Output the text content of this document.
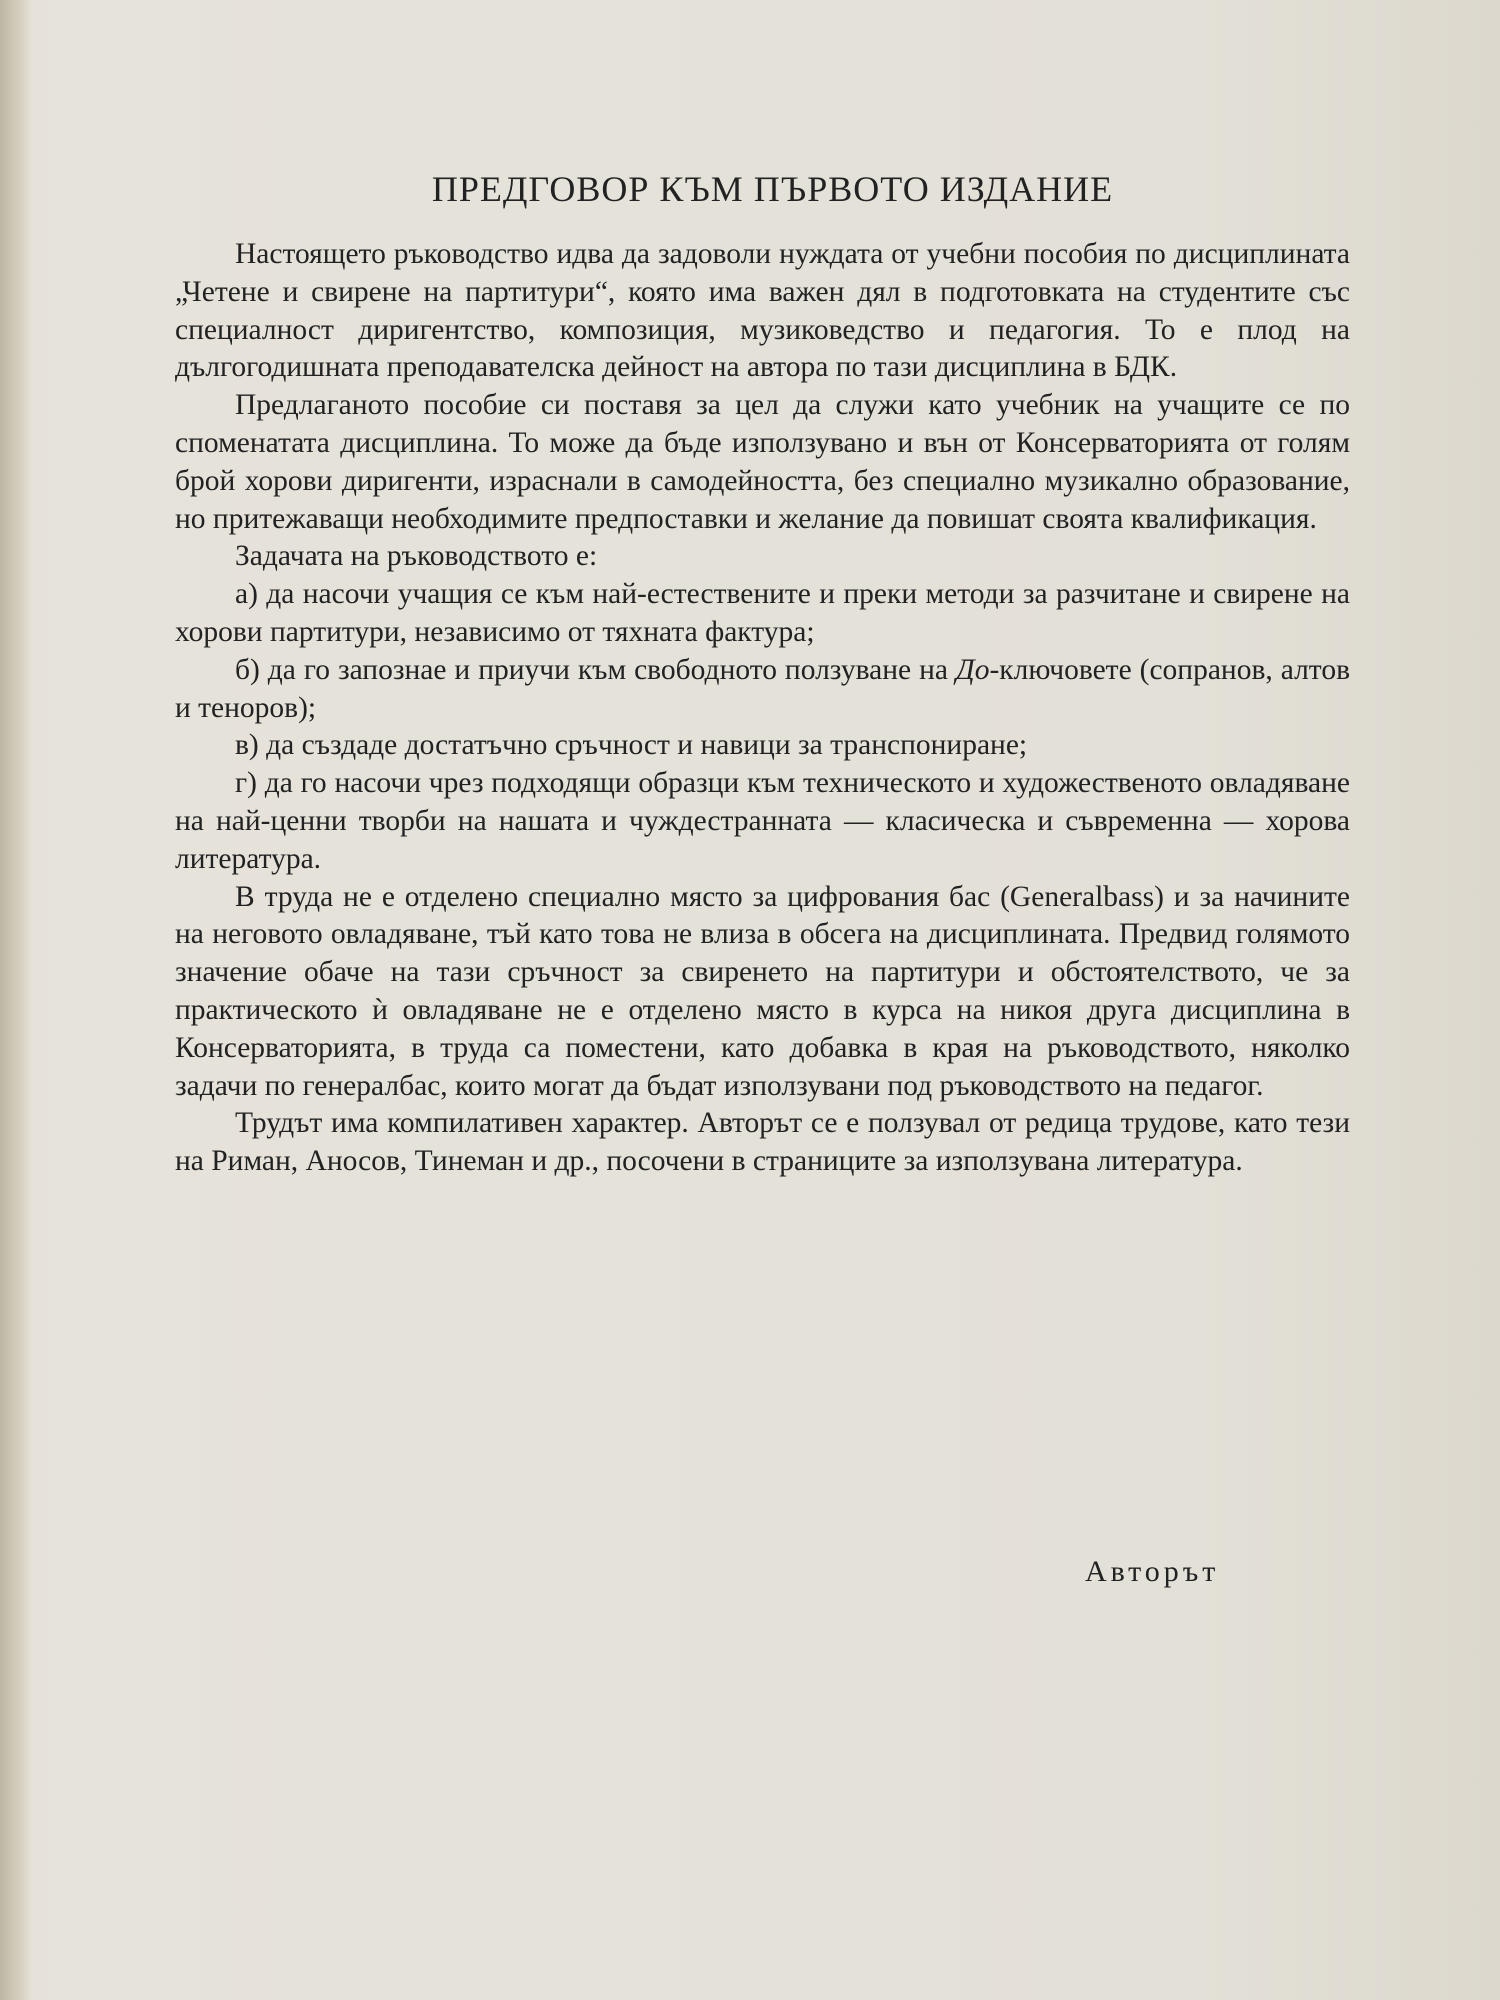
ПРЕДГОВОР КЪМ ПЪРВОТО ИЗДАНИЕ

Настоящето ръководство идва да задоволи нуждата от учебни пособия по дисциплината „Четене и свирене на партитури“, която има важен дял в подготовката на студентите със специалност диригентство, композиция, музиковедство и педагогия. То е плод на дългогодишната преподавателска дейност на автора по тази дисциплина в БДК.

Предлаганото пособие си поставя за цел да служи като учебник на учащите се по споменатата дисциплина. То може да бъде използувано и вън от Консерваторията от голям брой хорови диригенти, израснали в самодейността, без специално музикално образование, но притежаващи необходимите предпоставки и желание да повишат своята квалификация.

Задачата на ръководството е:

а) да насочи учащия се към най-естествените и преки методи за разчитане и свирене на хорови партитури, независимо от тяхната фактура;

б) да го запознае и приучи към свободното ползуване на До-ключовете (сопранов, алтов и теноров);

в) да създаде достатъчно сръчност и навици за транспониране;

г) да го насочи чрез подходящи образци към техническото и художественото овладяване на най-ценни творби на нашата и чуждестранната — класическа и съвременна — хорова литература.

В труда не е отделено специално място за цифрования бас (Generalbass) и за начините на неговото овладяване, тъй като това не влиза в обсега на дисциплината. Предвид голямото значение обаче на тази сръчност за свиренето на партитури и обстоятелството, че за практическото ѝ овладяване не е отделено място в курса на никоя друга дисциплина в Консерваторията, в труда са поместени, като добавка в края на ръководството, няколко задачи по генералбас, които могат да бъдат използувани под ръководството на педагог.

Трудът има компилативен характер. Авторът се е ползувал от редица трудове, като тези на Риман, Аносов, Тинеман и др., посочени в страниците за използувана литература.

Авторът
